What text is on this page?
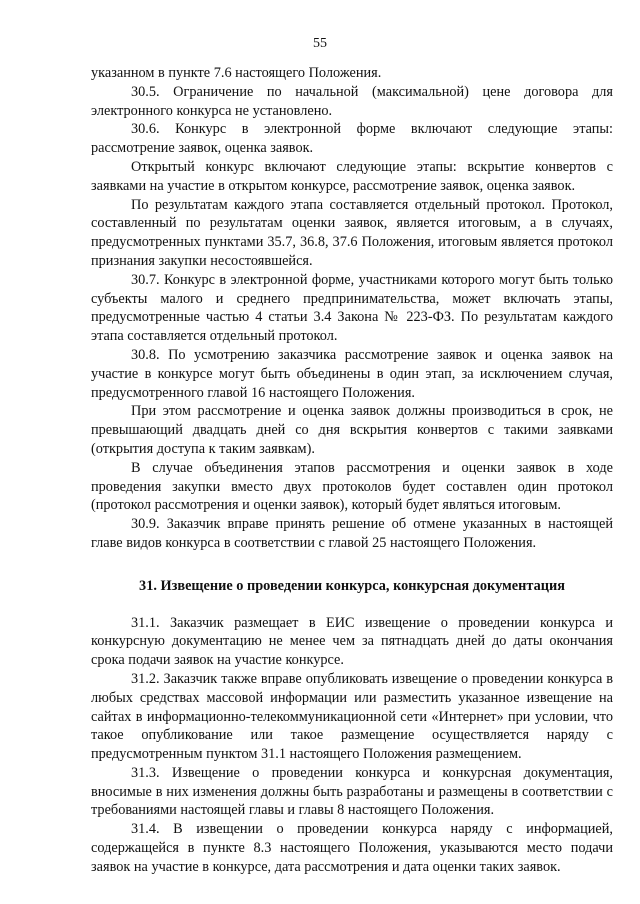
55

указанном в пункте 7.6 настоящего Положения.

30.5. Ограничение по начальной (максимальной) цене договора для электронного конкурса не установлено.

30.6. Конкурс в электронной форме включают следующие этапы: рассмотрение заявок, оценка заявок.

Открытый конкурс включают следующие этапы: вскрытие конвертов с заявками на участие в открытом конкурсе, рассмотрение заявок, оценка заявок.

По результатам каждого этапа составляется отдельный протокол. Протокол, составленный по результатам оценки заявок, является итоговым, а в случаях, предусмотренных пунктами 35.7, 36.8, 37.6 Положения, итоговым является протокол признания закупки несостоявшейся.

30.7. Конкурс в электронной форме, участниками которого могут быть только субъекты малого и среднего предпринимательства, может включать этапы, предусмотренные частью 4 статьи 3.4 Закона № 223-ФЗ. По результатам каждого этапа составляется отдельный протокол.

30.8. По усмотрению заказчика рассмотрение заявок и оценка заявок на участие в конкурсе могут быть объединены в один этап, за исключением случая, предусмотренного главой 16 настоящего Положения.

При этом рассмотрение и оценка заявок должны производиться в срок, не превышающий двадцать дней со дня вскрытия конвертов с такими заявками (открытия доступа к таким заявкам).

В случае объединения этапов рассмотрения и оценки заявок в ходе проведения закупки вместо двух протоколов будет составлен один протокол (протокол рассмотрения и оценки заявок), который будет являться итоговым.

30.9. Заказчик вправе принять решение об отмене указанных в настоящей главе видов конкурса в соответствии с главой 25 настоящего Положения.

31. Извещение о проведении конкурса, конкурсная документация

31.1. Заказчик размещает в ЕИС извещение о проведении конкурса и конкурсную документацию не менее чем за пятнадцать дней до даты окончания срока подачи заявок на участие конкурсе.

31.2. Заказчик также вправе опубликовать извещение о проведении конкурса в любых средствах массовой информации или разместить указанное извещение на сайтах в информационно-телекоммуникационной сети «Интернет» при условии, что такое опубликование или такое размещение осуществляется наряду с предусмотренным пунктом 31.1 настоящего Положения размещением.

31.3. Извещение о проведении конкурса и конкурсная документация, вносимые в них изменения должны быть разработаны и размещены в соответствии с требованиями настоящей главы и главы 8 настоящего Положения.

31.4. В извещении о проведении конкурса наряду с информацией, содержащейся в пункте 8.3 настоящего Положения, указываются место подачи заявок на участие в конкурсе, дата рассмотрения и дата оценки таких заявок.
